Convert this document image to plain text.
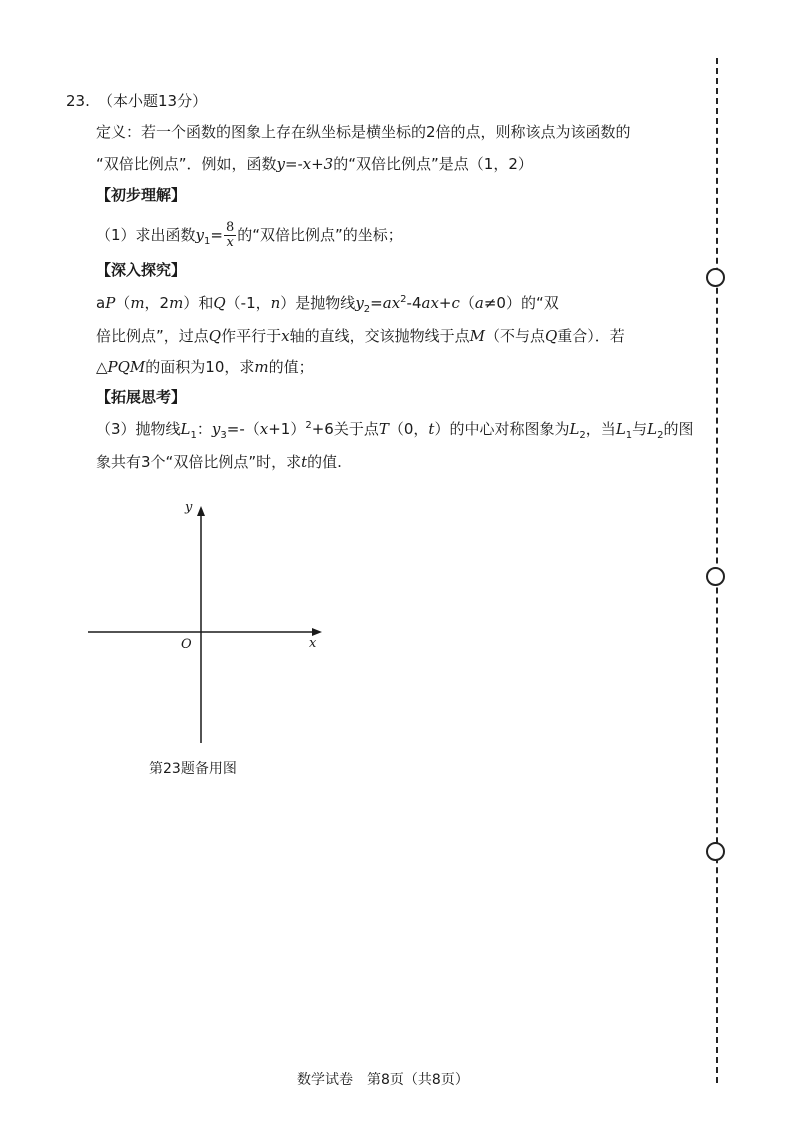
23. （本小题13分）
定义：若一个函数的图象上存在纵坐标是横坐标的2倍的点，则称该点为该函数的
“双倍比例点”．例如，函数y=-x+3的“双倍比例点”是点（1，2）
【初步理解】
（1）求出函数$y_1= \frac{8}{x}$ 的“双倍比例点”的坐标；
【深入探究】
aP（m，2m）和Q（-1，n）是抛物线$y_2=ax^2-4ax+c(a\ne 0)$的“双
倍比例点”，过点Q作平行于x轴的直线，交该抛物线于点M（不与点Q重合）．若
△PQM的面积为10，求m的值；
【拓展思考】
（3）抛物线$L_1$：$y_3=-(x+1)^2+6$关于点T（0，t）的中心对称图象为$L_2$，当$L_1$与$L_2$的图
象共有3个“双倍比例点”时，求t的值.
y
x
O
第23题备用图
数学试卷　第8页（共8页）
